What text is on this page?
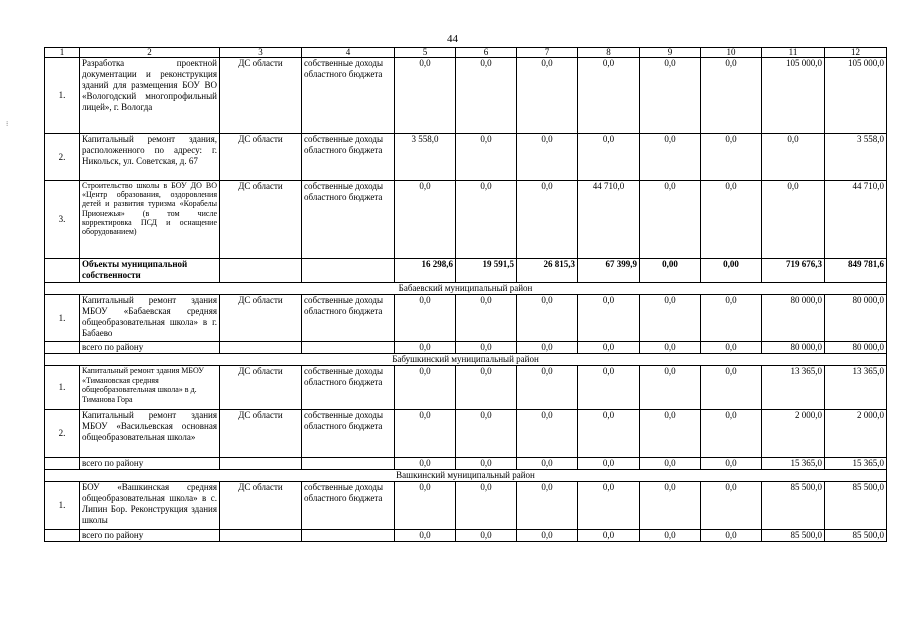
44
⁝
1	2	3	4	5	6	7	8	9	10	11	12
1.	Разработка проектной документации и реконструкция зданий для размещения БОУ ВО «Вологодский многопрофильный лицей», г. Вологда	ДС области	собственные доходы областного бюджета	0,0	0,0	0,0	0,0	0,0	0,0	105 000,0	105 000,0
2.	Капитальный ремонт здания, расположенного по адресу: г. Никольск, ул. Советская, д. 67	ДС области	собственные доходы областного бюджета	3 558,0	0,0	0,0	0,0	0,0	0,0	0,0	3 558,0
3.	Строительство школы в БОУ ДО ВО «Центр образования, оздоровления детей и развития туризма «Корабелы Прионежья» (в том числе корректировка ПСД и оснащение оборудованием)	ДС области	собственные доходы областного бюджета	0,0	0,0	0,0	44 710,0	0,0	0,0	0,0	44 710,0
	Объекты муниципальной собственности			16 298,6	19 591,5	26 815,3	67 399,9	0,00	0,00	719 676,3	849 781,6
Бабаевский муниципальный район											
1.	Капитальный ремонт здания МБОУ «Бабаевская средняя общеобразовательная школа» в г. Бабаево	ДС области	собственные доходы областного бюджета	0,0	0,0	0,0	0,0	0,0	0,0	80 000,0	80 000,0
	всего по району			0,0	0,0	0,0	0,0	0,0	0,0	80 000,0	80 000,0
Бабушкинский муниципальный район											
1.	Капитальный ремонт здания МБОУ «Тимановская средняя общеобразовательная школа» в д. Тиманова Гора	ДС области	собственные доходы областного бюджета	0,0	0,0	0,0	0,0	0,0	0,0	13 365,0	13 365,0
2.	Капитальный ремонт здания МБОУ «Васильевская основная общеобразовательная школа»	ДС области	собственные доходы областного бюджета	0,0	0,0	0,0	0,0	0,0	0,0	2 000,0	2 000,0
	всего по району			0,0	0,0	0,0	0,0	0,0	0,0	15 365,0	15 365,0
Вашкинский муниципальный район											
1.	БОУ «Вашкинская средняя общеобразовательная школа» в с. Липин Бор. Реконструкция здания школы	ДС области	собственные доходы областного бюджета	0,0	0,0	0,0	0,0	0,0	0,0	85 500,0	85 500,0
	всего по району			0,0	0,0	0,0	0,0	0,0	0,0	85 500,0	85 500,0
